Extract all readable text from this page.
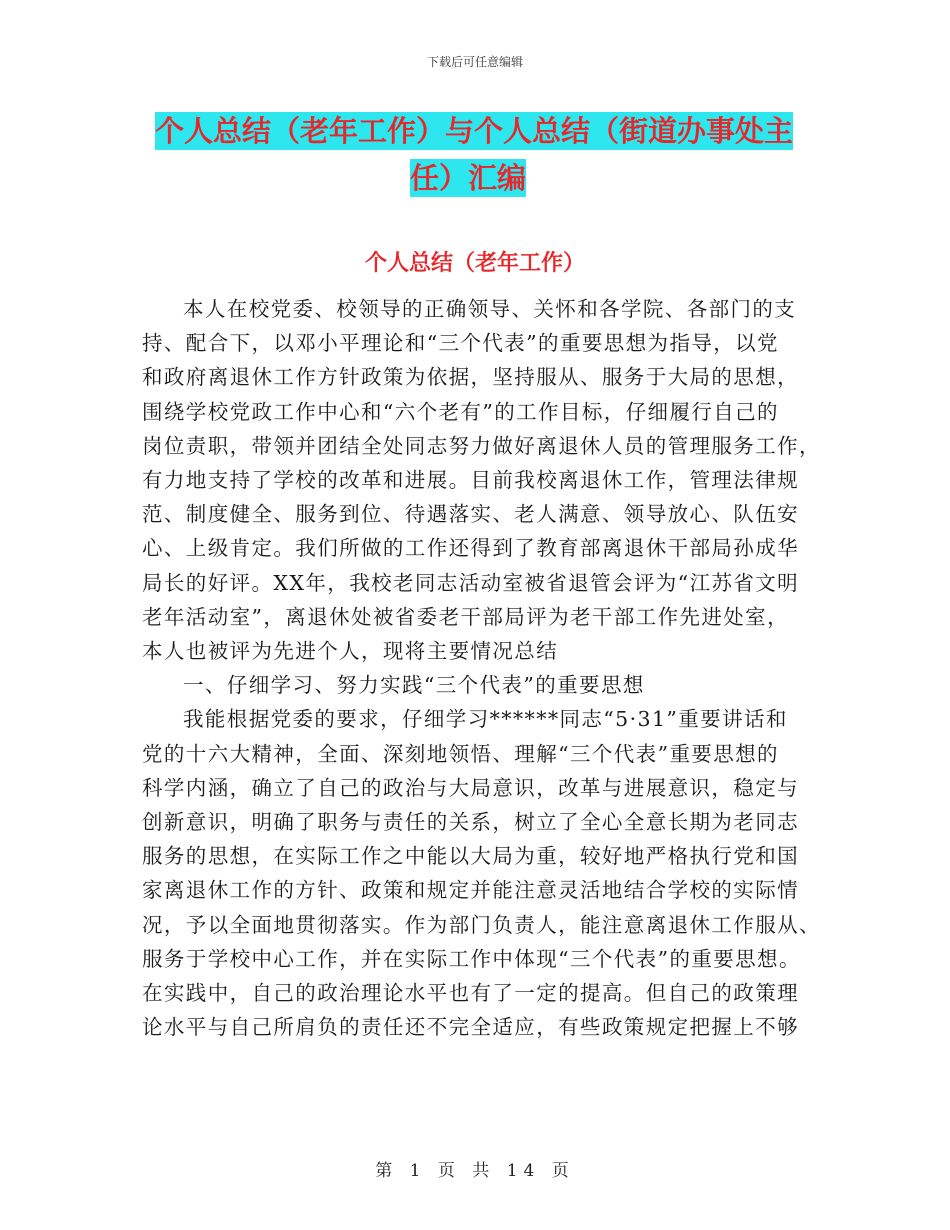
下载后可任意编辑
个人总结（老年工作）与个人总结（街道办事处主
任）汇编
个人总结（老年工作）
本人在校党委、校领导的正确领导、关怀和各学院、各部门的支
持、配合下，以邓小平理论和“三个代表”的重要思想为指导，以党
和政府离退休工作方针政策为依据，坚持服从、服务于大局的思想，
围绕学校党政工作中心和“六个老有”的工作目标，仔细履行自己的
岗位责职，带领并团结全处同志努力做好离退休人员的管理服务工作，
有力地支持了学校的改革和进展。目前我校离退休工作，管理法律规
范、制度健全、服务到位、待遇落实、老人满意、领导放心、队伍安
心、上级肯定。我们所做的工作还得到了教育部离退休干部局孙成华
局长的好评。XX年，我校老同志活动室被省退管会评为“江苏省文明
老年活动室”，离退休处被省委老干部局评为老干部工作先进处室，
本人也被评为先进个人，现将主要情况总结
一、仔细学习、努力实践“三个代表”的重要思想
我能根据党委的要求，仔细学习******同志“5·31”重要讲话和
党的十六大精神，全面、深刻地领悟、理解“三个代表”重要思想的
科学内涵，确立了自己的政治与大局意识，改革与进展意识，稳定与
创新意识，明确了职务与责任的关系，树立了全心全意长期为老同志
服务的思想，在实际工作之中能以大局为重，较好地严格执行党和国
家离退休工作的方针、政策和规定并能注意灵活地结合学校的实际情
况，予以全面地贯彻落实。作为部门负责人，能注意离退休工作服从、
服务于学校中心工作，并在实际工作中体现“三个代表”的重要思想。
在实践中，自己的政治理论水平也有了一定的提高。但自己的政策理
论水平与自己所肩负的责任还不完全适应，有些政策规定把握上不够
第 1 页 共 14 页
